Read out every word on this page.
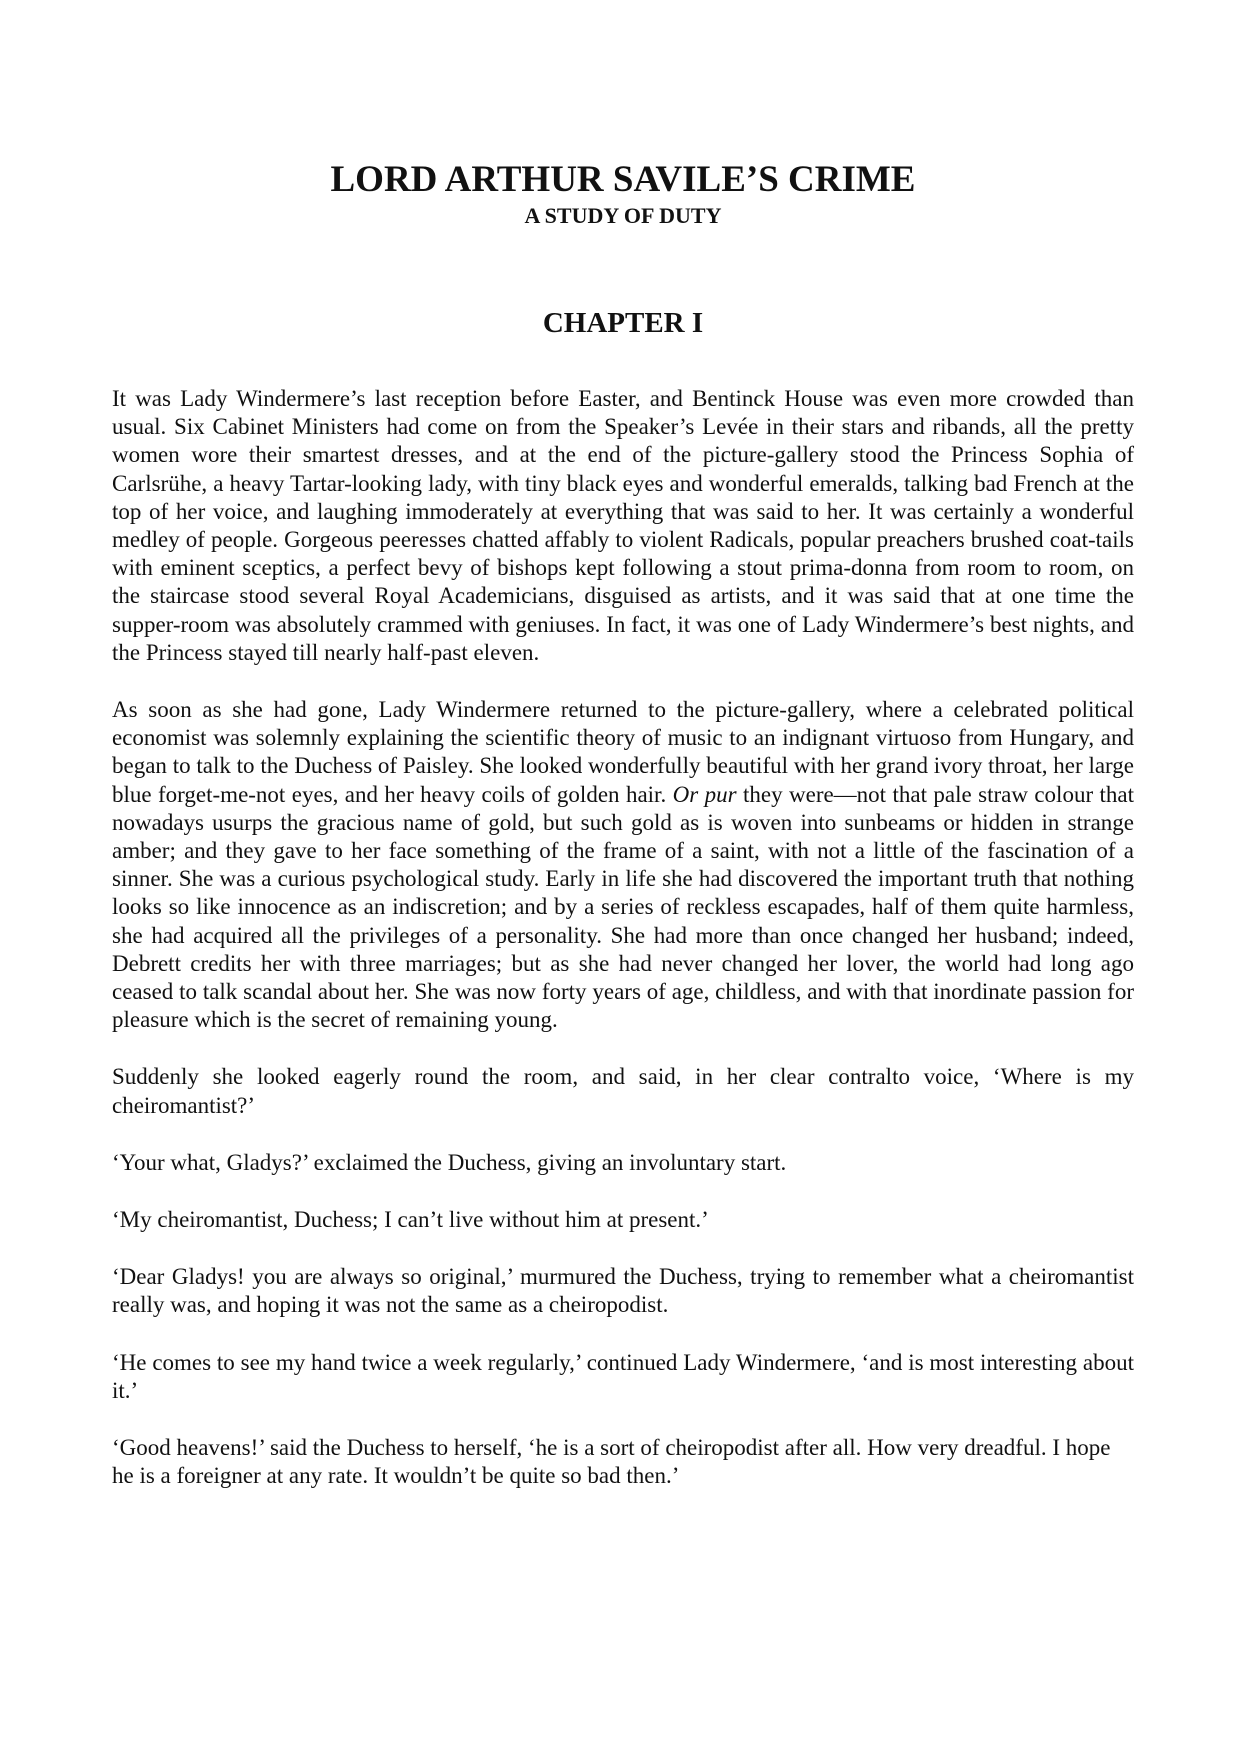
LORD ARTHUR SAVILE’S CRIME
A STUDY OF DUTY
CHAPTER I

It was Lady Windermere’s last reception before Easter, and Bentinck House was even more crowded than usual. Six Cabinet Ministers had come on from the Speaker’s Levée in their stars and ribands, all the pretty women wore their smartest dresses, and at the end of the picture-gallery stood the Princess Sophia of Carlsrühe, a heavy Tartar-looking lady, with tiny black eyes and wonderful emeralds, talking bad French at the top of her voice, and laughing immoderately at everything that was said to her. It was certainly a wonderful medley of people. Gorgeous peeresses chatted affably to violent Radicals, popular preachers brushed coat-tails with eminent sceptics, a perfect bevy of bishops kept following a stout prima-donna from room to room, on the staircase stood several Royal Academicians, disguised as artists, and it was said that at one time the supper-room was absolutely crammed with geniuses. In fact, it was one of Lady Windermere’s best nights, and the Princess stayed till nearly half-past eleven.

As soon as she had gone, Lady Windermere returned to the picture-gallery, where a celebrated political economist was solemnly explaining the scientific theory of music to an indignant virtuoso from Hungary, and began to talk to the Duchess of Paisley. She looked wonderfully beautiful with her grand ivory throat, her large blue forget-me-not eyes, and her heavy coils of golden hair. Or pur they were—not that pale straw colour that nowadays usurps the gracious name of gold, but such gold as is woven into sunbeams or hidden in strange amber; and they gave to her face something of the frame of a saint, with not a little of the fascination of a sinner. She was a curious psychological study. Early in life she had discovered the important truth that nothing looks so like innocence as an indiscretion; and by a series of reckless escapades, half of them quite harmless, she had acquired all the privileges of a personality. She had more than once changed her husband; indeed, Debrett credits her with three marriages; but as she had never changed her lover, the world had long ago ceased to talk scandal about her. She was now forty years of age, childless, and with that inordinate passion for pleasure which is the secret of remaining young.

Suddenly she looked eagerly round the room, and said, in her clear contralto voice, ‘Where is my cheiromantist?’

‘Your what, Gladys?’ exclaimed the Duchess, giving an involuntary start.

‘My cheiromantist, Duchess; I can’t live without him at present.’

‘Dear Gladys! you are always so original,’ murmured the Duchess, trying to remember what a cheiromantist really was, and hoping it was not the same as a cheiropodist.

‘He comes to see my hand twice a week regularly,’ continued Lady Windermere, ‘and is most interesting about it.’

‘Good heavens!’ said the Duchess to herself, ‘he is a sort of cheiropodist after all. How very dreadful. I hope he is a foreigner at any rate. It wouldn’t be quite so bad then.’
